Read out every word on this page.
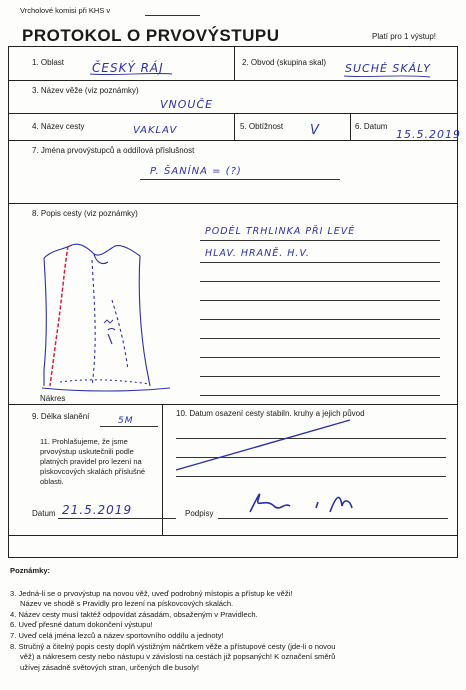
Vrcholové komisi při KHS v
PROTOKOL O PRVOVÝSTUPU	Platí pro 1 výstup!
1. Oblast ČESKÝ RÁJ	2. Obvod (skupina skal) SUCHÉ SKÁLY
3. Název věže (viz poznámky)
VNOUČE
4. Název cesty	VAKLAV	5. Obtížnost V	6. Datum
15.5.2019
7. Jména prvovýstupců a oddílová příslušnost
P. ŠANÍNA = (?)
8. Popis cesty (viz poznámky)
PODÉL TRHLINKA PŘI LEVÉ
HLAV. HRANĚ. H.V.
Nákres
9. Délka slanění	5M
10. Datum osazení cesty stabiln. kruhy a jejich původ
11. Prohlašujeme, že jsme prvovýstup uskutečnili podle platných pravidel pro lezení na pískovcových skalách příslušné oblasti.
Datum 21.5.2019	Podpisy
Poznámky:
3. Jedná-li se o prvovýstup na novou věž, uveď podrobný místopis a přístup ke věži!
Název ve shodě s Pravidly pro lezení na pískovcových skalách.
4. Název cesty musí taktéž odpovídat zásadám, obsaženým v Pravidlech.
6. Uveď přesné datum dokončení výstupu!
7. Uveď celá jména lezců a název sportovního oddílu a jednoty!
8. Stručný a čitelný popis cesty doplň výstižným náčrtkem věže a přístupové cesty (jde-li o novou
věž) a nákresem cesty nebo nástupu v závislosti na cestách již popsaných! K označení směrů
užívej zásadně světových stran, určených dle busoly!
